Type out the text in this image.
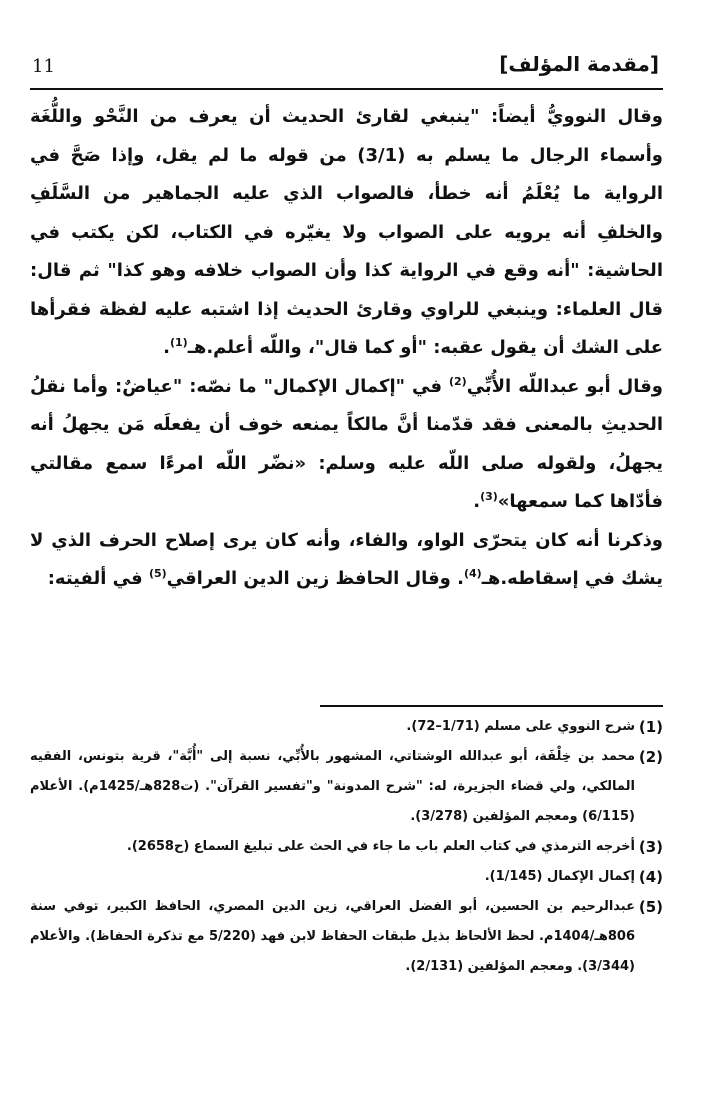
11	[مقدمة المؤلف]

وقال النوويُّ أيضاً: "ينبغي لقارئ الحديث أن يعرف من النَّحْو واللُّغَة وأسماء الرجال ما يسلم به (3/1) من قوله ما لم يقل، وإذا صَحَّ في الرواية ما يُعْلَمُ أنه خطأ، فالصواب الذي عليه الجماهير من السَّلَفِ والخلفِ أنه يرويه على الصواب ولا يغيّره في الكتاب، لكن يكتب في الحاشية: "أنه وقع في الرواية كذا وأن الصواب خلافه وهو كذا" ثم قال: قال العلماء: وينبغي للراوي وقارئ الحديث إذا اشتبه عليه لفظة فقرأها على الشك أن يقول عقبه: "أو كما قال"، واللّه أعلم.هـ$^{(1)}$.

وقال أبو عبداللّه الأُبِّي$^{(2)}$ في "إكمال الإكمال" ما نصّه: "عياضٌ: وأما نقلُ الحديثِ بالمعنى فقد قدّمنا أنَّ مالكاً يمنعه خوف أن يفعلَه مَن يجهلُ أنه يجهلُ، ولقوله صلى اللّه عليه وسلم: «نضّر اللّه امرءًا سمع مقالتي فأدّاها كما سمعها»$^{(3)}$.

وذكرنا أنه كان يتحرّى الواو، والفاء، وأنه كان يرى إصلاح الحرف الذي لا يشك في إسقاطه.هـ$^{(4)}$. وقال الحافظ زين الدين العراقي$^{(5)}$ في ألفيته:

(1)
شرح النووي على مسلم (1/71–72).
(2)
محمد بن خِلْفَة، أبو عبدالله الوشتاتي، المشهور بالأُبِّي، نسبة إلى "أُبَّة"، قرية بتونس، الفقيه المالكي، ولي قضاء الجزيرة، له: "شرح المدونة" و"تفسير القرآن". (ت828هـ/1425م). الأعلام (6/115) ومعجم المؤلفين (3/278).
(3)
أخرجه الترمذي في كتاب العلم باب ما جاء في الحث على تبليغ السماع (ح2658).
(4)
إكمال الإكمال (1/145).
(5)
عبدالرحيم بن الحسين، أبو الفضل العراقي، زين الدين المصري، الحافظ الكبير، توفي سنة 806هـ/1404م. لحظ الألحاظ بذيل طبقات الحفاظ لابن فهد (5/220 مع تذكرة الحفاظ). والأعلام (3/344). ومعجم المؤلفين (2/131).
